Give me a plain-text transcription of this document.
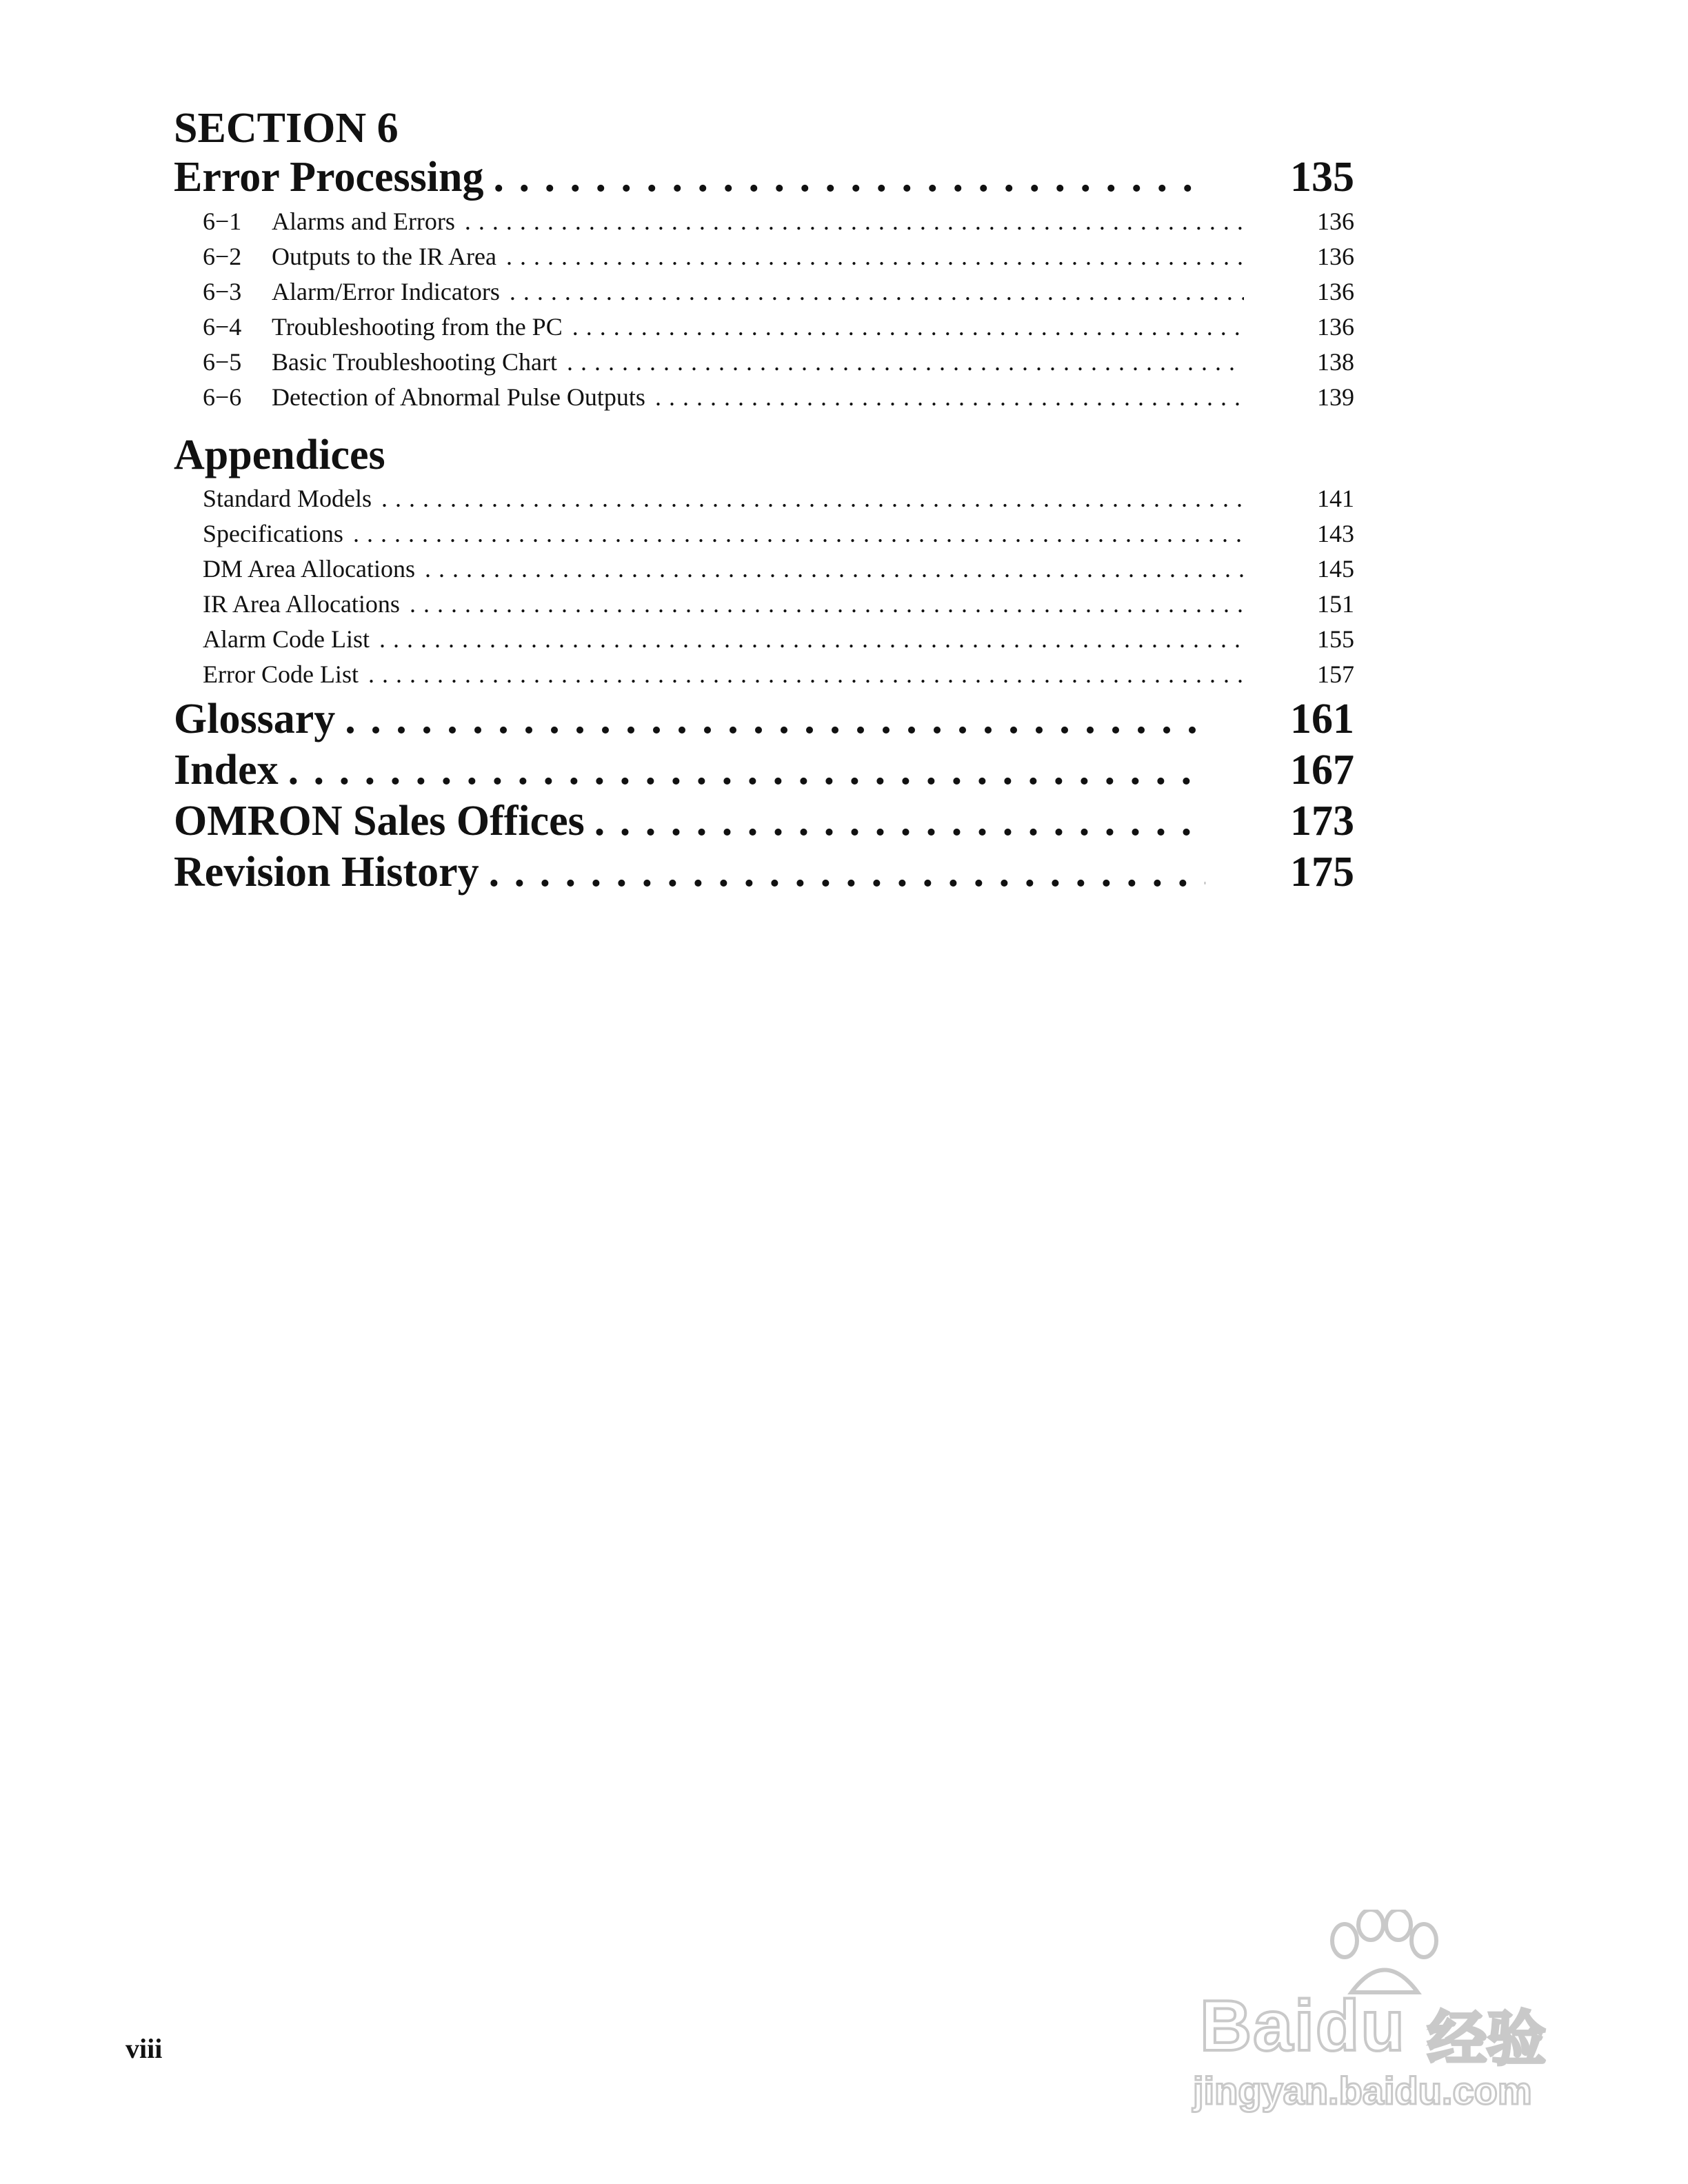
SECTION 6
Error Processing . . .	135
6−1	Alarms and Errors . . .	136
6−2	Outputs to the IR Area . . .	136
6−3	Alarm/Error Indicators . . .	136
6−4	Troubleshooting from the PC . . .	136
6−5	Basic Troubleshooting Chart . . .	138
6−6	Detection of Abnormal Pulse Outputs . . .	139
Appendices
Standard Models . . .	141
Specifications . . .	143
DM Area Allocations . . .	145
IR Area Allocations . . .	151
Alarm Code List . . .	155
Error Code List . . .	157
Glossary . . .	161
Index . . .	167
OMRON Sales Offices . . .	173
Revision History . . .	175
viii	Baidu 经验
jingyan.baidu.com
